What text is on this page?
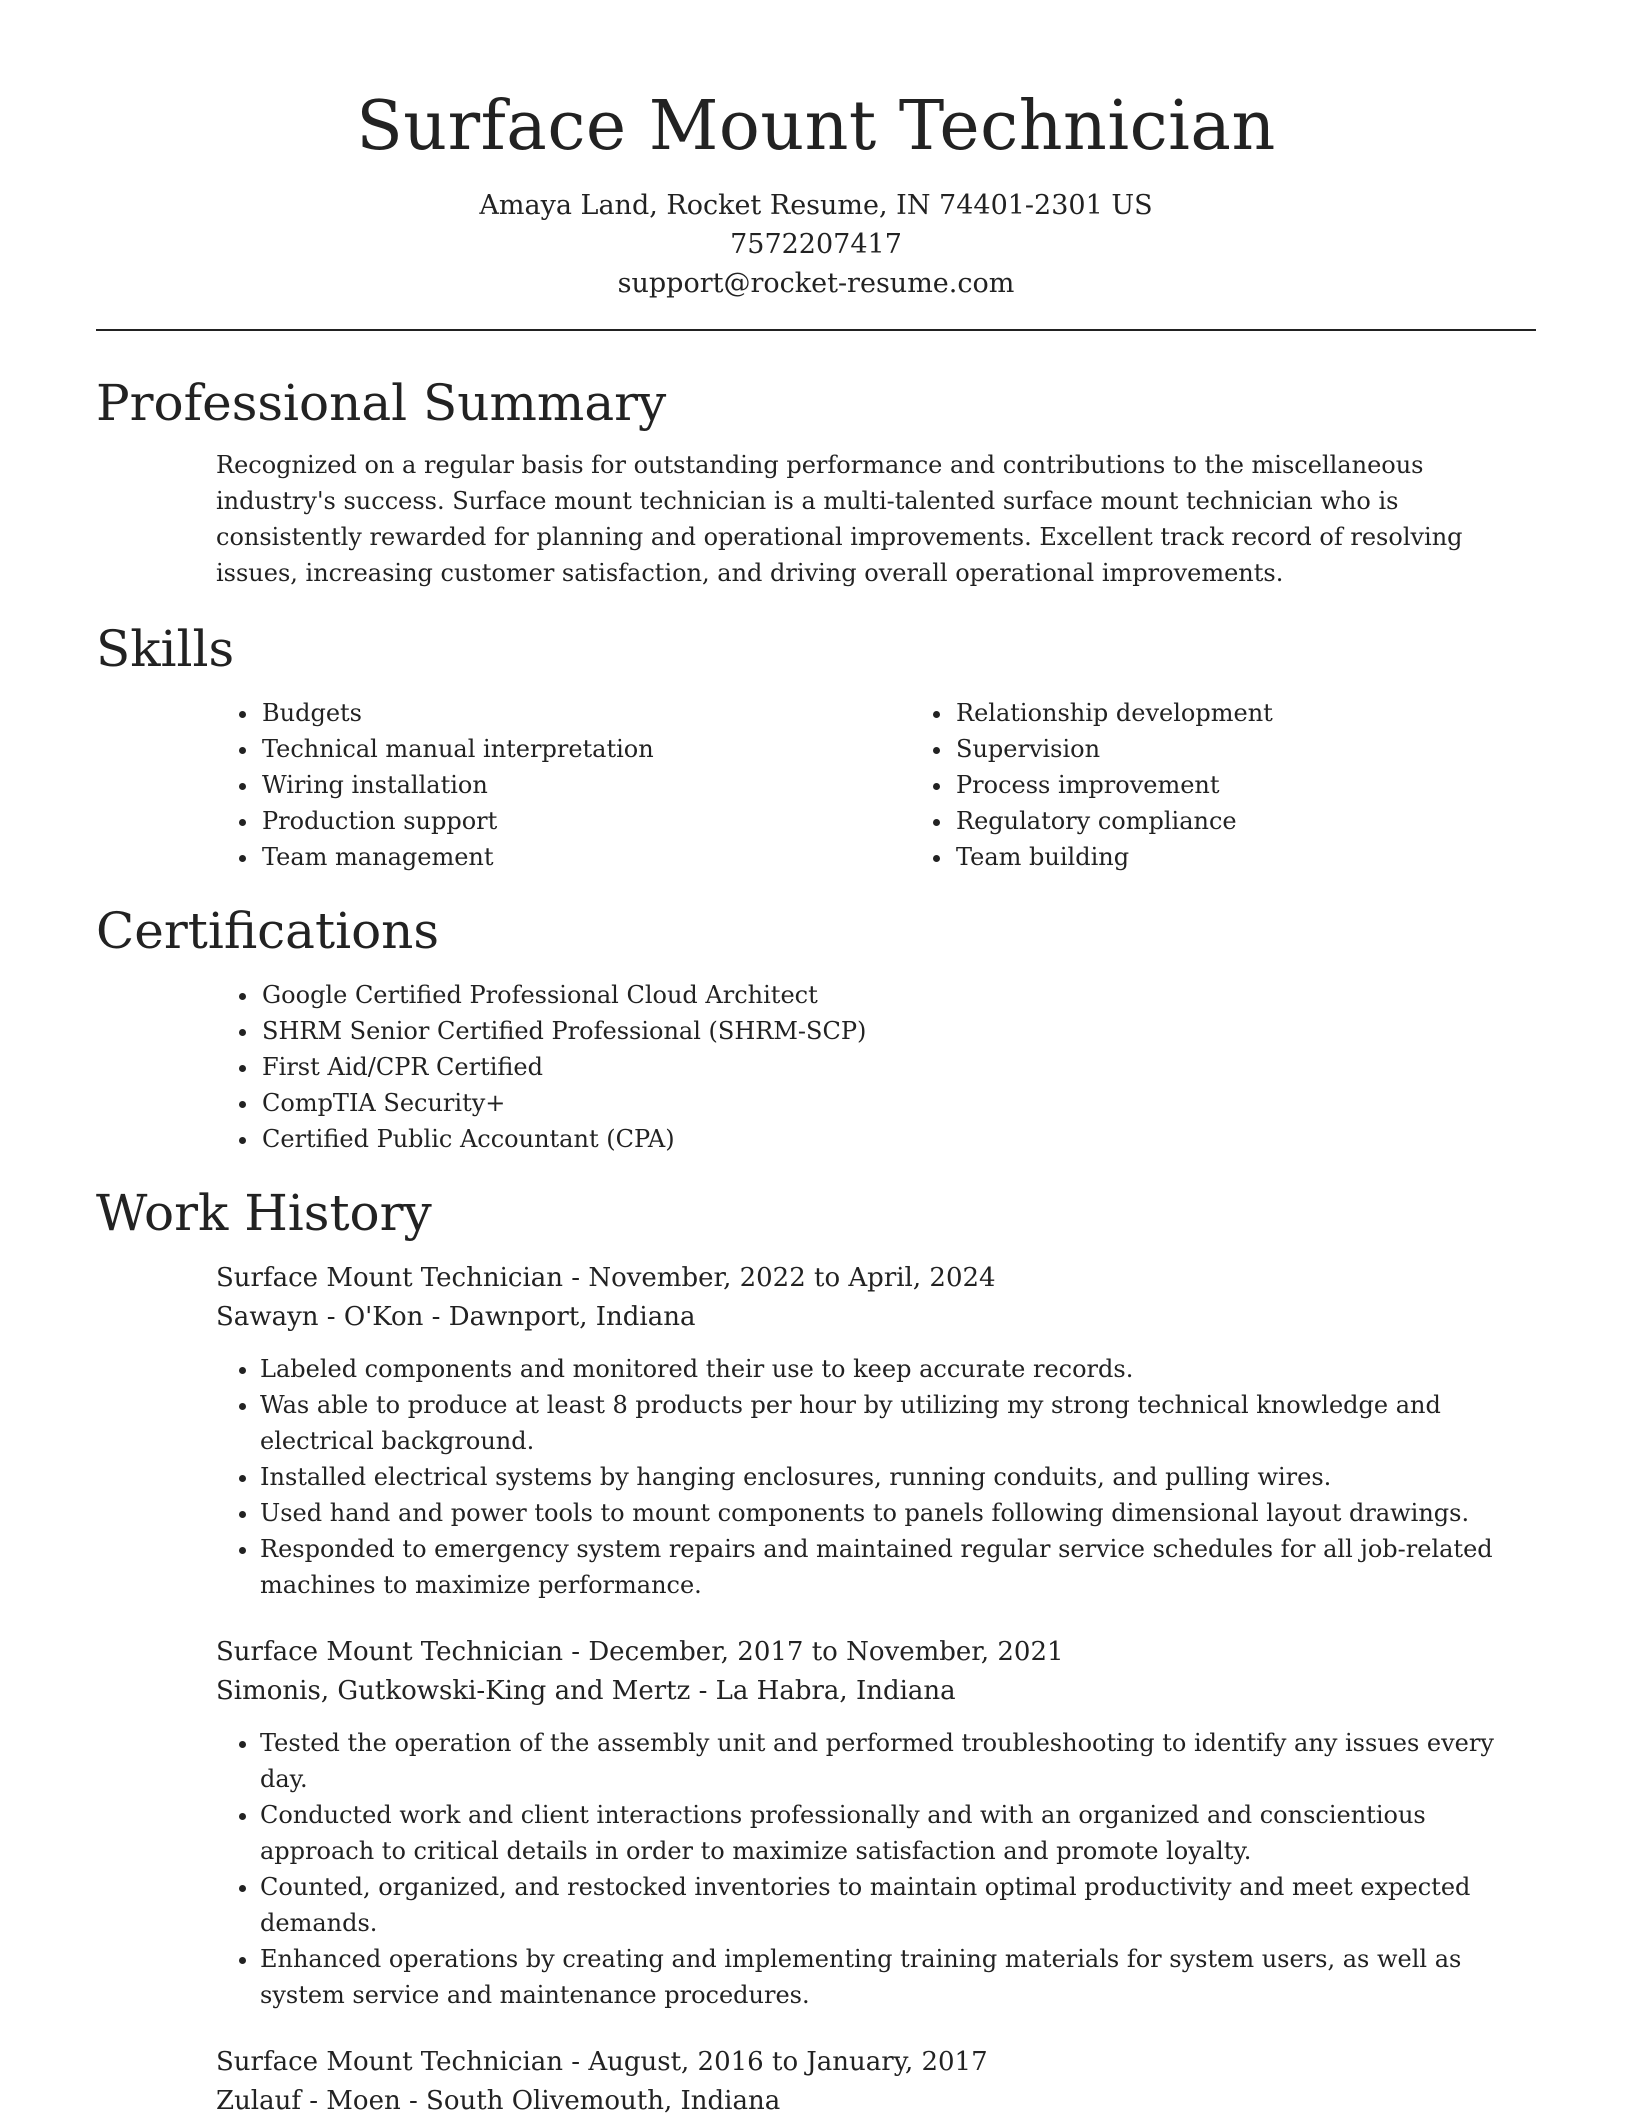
Surface Mount Technician
Amaya Land, Rocket Resume, IN 74401-2301 US
7572207417
support@rocket-resume.com
Professional Summary

Recognized on a regular basis for outstanding performance and contributions to the miscellaneous industry's success. Surface mount technician is a multi-talented surface mount technician who is consistently rewarded for planning and operational improvements. Excellent track record of resolving issues, increasing customer satisfaction, and driving overall operational improvements.

Skills
• Budgets
• Technical manual interpretation
• Wiring installation
• Production support
• Team management
• Relationship development
• Supervision
• Process improvement
• Regulatory compliance
• Team building
Certifications
• Google Certified Professional Cloud Architect
• SHRM Senior Certified Professional (SHRM-SCP)
• First Aid/CPR Certified
• CompTIA Security+
• Certified Public Accountant (CPA)
Work History
Surface Mount Technician - November, 2022 to April, 2024
Sawayn - O'Kon - Dawnport, Indiana
• Labeled components and monitored their use to keep accurate records.
• Was able to produce at least 8 products per hour by utilizing my strong technical knowledge and electrical background.
• Installed electrical systems by hanging enclosures, running conduits, and pulling wires.
• Used hand and power tools to mount components to panels following dimensional layout drawings.
• Responded to emergency system repairs and maintained regular service schedules for all job-related machines to maximize performance.
Surface Mount Technician - December, 2017 to November, 2021
Simonis, Gutkowski-King and Mertz - La Habra, Indiana
• Tested the operation of the assembly unit and performed troubleshooting to identify any issues every day.
• Conducted work and client interactions professionally and with an organized and conscientious approach to critical details in order to maximize satisfaction and promote loyalty.
• Counted, organized, and restocked inventories to maintain optimal productivity and meet expected demands.
• Enhanced operations by creating and implementing training materials for system users, as well as system service and maintenance procedures.
Surface Mount Technician - August, 2016 to January, 2017
Zulauf - Moen - South Olivemouth, Indiana
